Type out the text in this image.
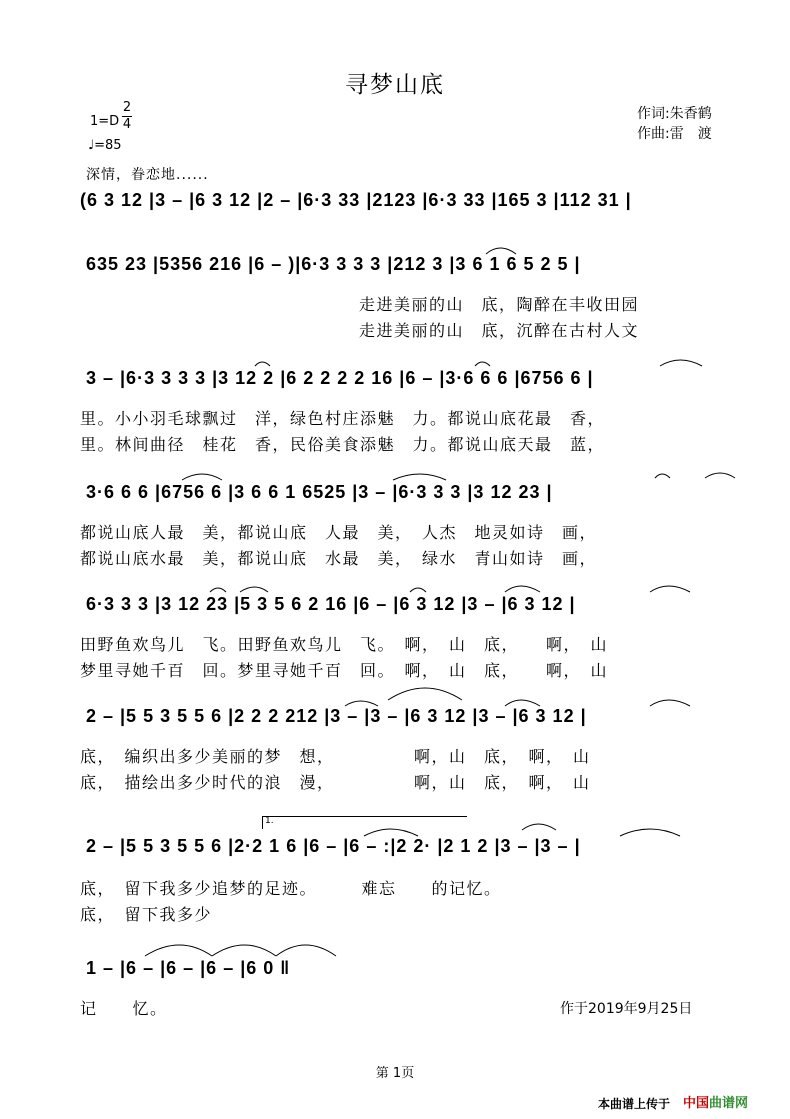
寻梦山底
作词:朱香鹤
作曲:雷　渡
1=D
2
4
♩=85
深情，眷恋地......
(6 3 12 |3 – |6 3 12 |2 – |6·3 33 |2123 |6·3 33 |165 3 |112 31 |
635 23 |5356 216 |6 – )|6·3 3 3 3 |212 3 |3 6 1 6 5 2 5 |
走进美丽的山　底，陶醉在丰收田园
走进美丽的山　底，沉醉在古村人文
3 – |6·3 3 3 3 |3 12 2 |6 2 2 2 2 16 |6 – |3·6 6 6 |6756 6 |
里。小小羽毛球飘过　洋，绿色村庄添魅　力。都说山底花最　香，
里。林间曲径　桂花　香，民俗美食添魅　力。都说山底天最　蓝，
3·6 6 6 |6756 6 |3 6 6 1 6525 |3 – |6·3 3 3 |3 12 23 |
都说山底人最　美，都说山底　人最　美，　人杰　地灵如诗　画，
都说山底水最　美，都说山底　水最　美，　绿水　青山如诗　画，
6·3 3 3 |3 12 23 |5 3 5 6 2 16 |6 – |6 3 12 |3 – |6 3 12 |
田野鱼欢鸟儿　飞。田野鱼欢鸟儿　飞。　啊，　山　底，　　啊，　山
梦里寻她千百　回。梦里寻她千百　回。　啊，　山　底，　　啊，　山
2 – |5 5 3 5 5 6 |2 2 2 212 |3 – |3 – |6 3 12 |3 – |6 3 12 |
底，　编织出多少美丽的梦　想，　　　　　啊，山　底，　啊，　山
底，　描绘出多少时代的浪　漫，　　　　　啊，山　底，　啊，　山
1.
2 – |5 5 3 5 5 6 |2·2 1 6 |6 – |6 – :|2 2· |2 1 2 |3 – |3 – |
底，　留下我多少追梦的足迹。　　　难忘　　的记忆。
底，　留下我多少
1 – |6 – |6 – |6 – |6 0 ‖
记　　忆。	作于2019年9月25日
第 1页
本曲谱上传于 中国曲谱网
